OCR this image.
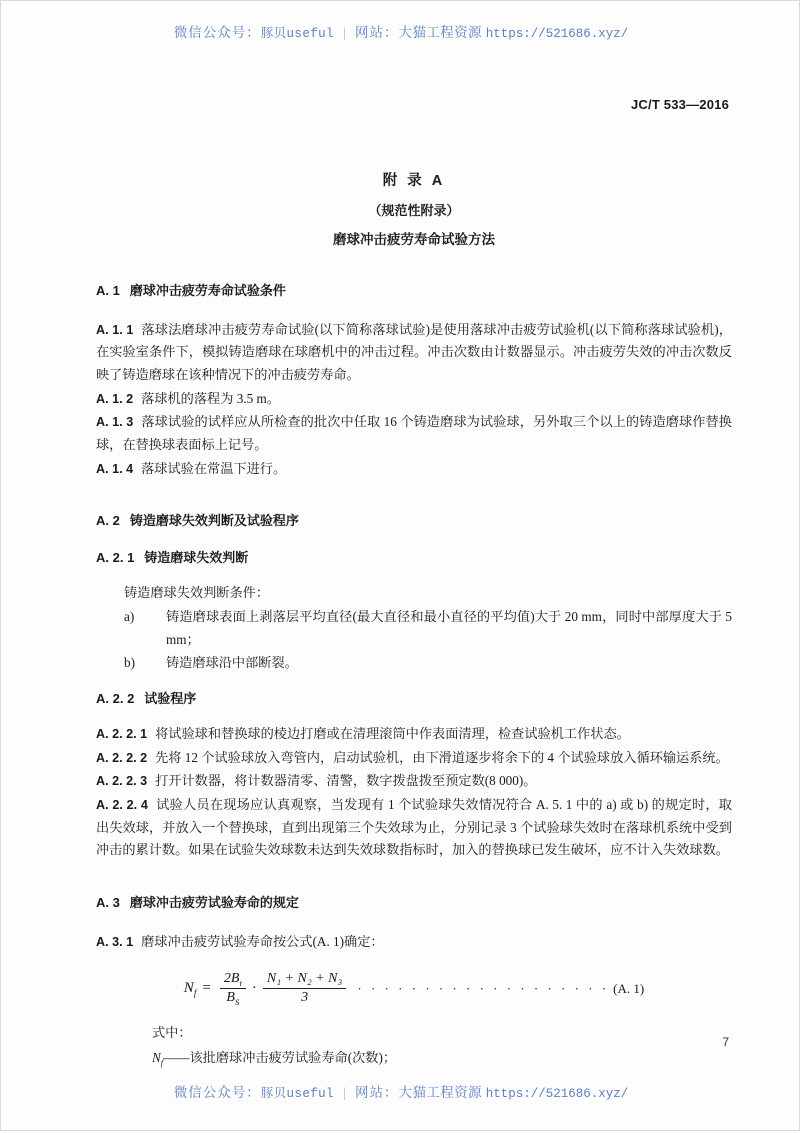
微信公众号：豚贝useful | 网站：大猫工程资源 https://521686.xyz/
JC/T 533—2016
附 录 A
（规范性附录）
磨球冲击疲劳寿命试验方法
A. 1 磨球冲击疲劳寿命试验条件

A. 1. 1 落球法磨球冲击疲劳寿命试验(以下简称落球试验)是使用落球冲击疲劳试验机(以下简称落球试验机)，在实验室条件下，模拟铸造磨球在球磨机中的冲击过程。冲击次数由计数器显示。冲击疲劳失效的冲击次数反映了铸造磨球在该种情况下的冲击疲劳寿命。

A. 1. 2 落球机的落程为 3.5 m。

A. 1. 3 落球试验的试样应从所检查的批次中任取 16 个铸造磨球为试验球，另外取三个以上的铸造磨球作替换球，在替换球表面标上记号。

A. 1. 4 落球试验在常温下进行。

A. 2 铸造磨球失效判断及试验程序
A. 2. 1 铸造磨球失效判断

铸造磨球失效判断条件：

a)	铸造磨球表面上剥落层平均直径(最大直径和最小直径的平均值)大于 20 mm，同时中部厚度大于 5 mm；
b)	铸造磨球沿中部断裂。
A. 2. 2 试验程序

A. 2. 2. 1 将试验球和替换球的棱边打磨或在清理滚筒中作表面清理，检查试验机工作状态。

A. 2. 2. 2 先将 12 个试验球放入弯管内，启动试验机，由下滑道逐步将余下的 4 个试验球放入循环输运系统。

A. 2. 2. 3 打开计数器，将计数器清零、清警，数字拨盘拨至预定数(8 000)。

A. 2. 2. 4 试验人员在现场应认真观察，当发现有 1 个试验球失效情况符合 A. 5. 1 中的 a) 或 b) 的规定时，取出失效球，并放入一个替换球，直到出现第三个失效球为止，分别记录 3 个试验球失效时在落球机系统中受到冲击的累计数。如果在试验失效球数未达到失效球数指标时，加入的替换球已发生破坏，应不计入失效球数。

A. 3 磨球冲击疲劳试验寿命的规定

A. 3. 1 磨球冲击疲劳试验寿命按公式(A. 1)确定：

$N_f = \frac{2B_t}{B_S} \cdot \frac{\text{N₁ + N₂ + N₃}}{3}$ · · · · · · · · · · · · · · · · · · · (A. 1)

式中：

$N_f——$该批磨球冲击疲劳试验寿命(次数)；

7
微信公众号：豚贝useful | 网站：大猫工程资源 https://521686.xyz/
